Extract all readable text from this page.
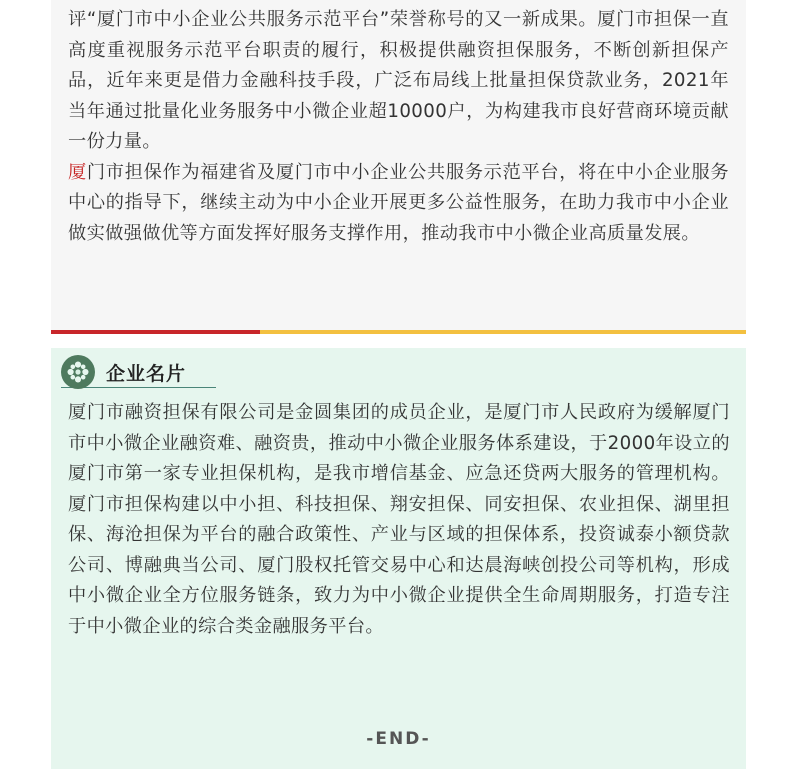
评“厦门市中小企业公共服务示范平台”荣誉称号的又一新成果。厦门市担保一直高度重视服务示范平台职责的履行，积极提供融资担保服务，不断创新担保产品，近年来更是借力金融科技手段，广泛布局线上批量担保贷款业务，2021年当年通过批量化业务服务中小微企业超10000户，为构建我市良好营商环境贡献一份力量。

厦门市担保作为福建省及厦门市中小企业公共服务示范平台，将在中小企业服务中心的指导下，继续主动为中小企业开展更多公益性服务，在助力我市中小企业做实做强做优等方面发挥好服务支撑作用，推动我市中小微企业高质量发展。

企业名片

厦门市融资担保有限公司是金圆集团的成员企业，是厦门市人民政府为缓解厦门市中小微企业融资难、融资贵，推动中小微企业服务体系建设，于2000年设立的厦门市第一家专业担保机构，是我市增信基金、应急还贷两大服务的管理机构。厦门市担保构建以中小担、科技担保、翔安担保、同安担保、农业担保、湖里担保、海沧担保为平台的融合政策性、产业与区域的担保体系，投资诚泰小额贷款公司、博融典当公司、厦门股权托管交易中心和达晨海峡创投公司等机构，形成中小微企业全方位服务链条，致力为中小微企业提供全生命周期服务，打造专注于中小微企业的综合类金融服务平台。

-END-
